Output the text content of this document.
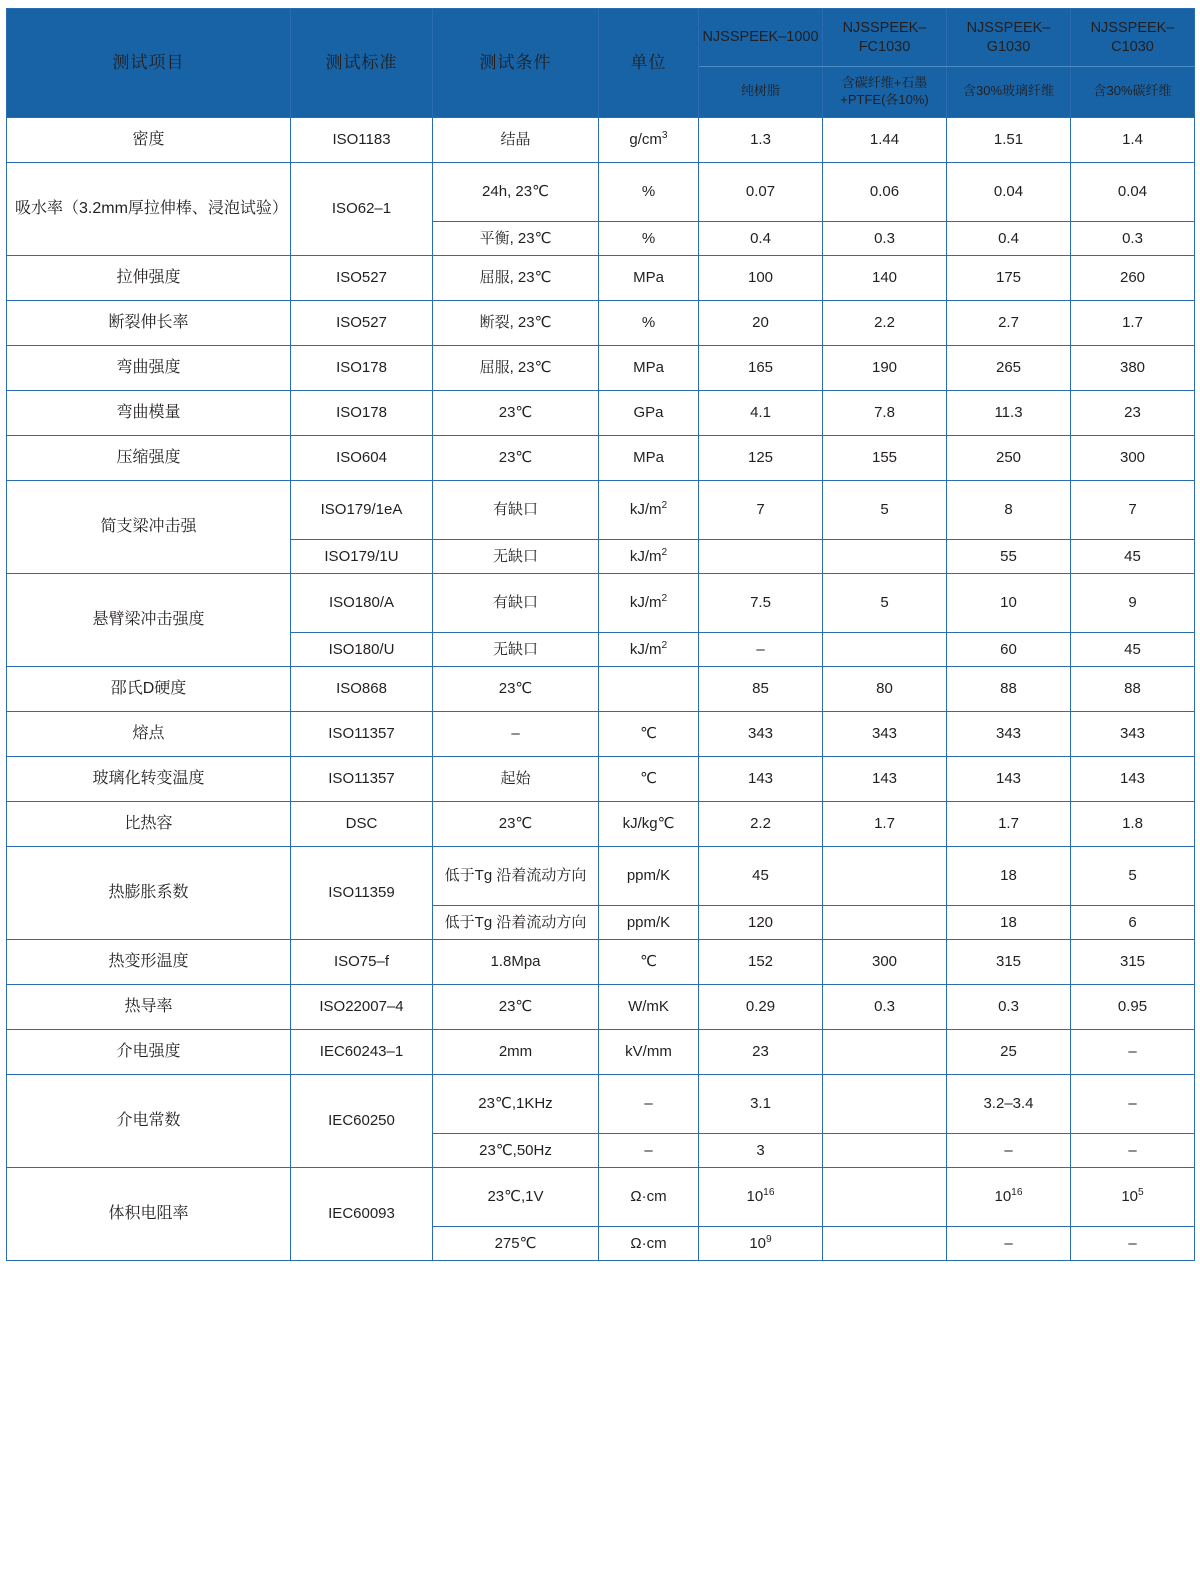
测试项目	测试标准	测试条件	单位	NJSSPEEK–1000	NJSSPEEK–FC1030	NJSSPEEK–G1030	NJSSPEEK–C1030
				纯树脂	含碳纤维+石墨+PTFE(各10%)	含30%玻璃纤维	含30%碳纤维
密度	ISO1183	结晶	$g/cm^3$	1.3	1.44	1.51	1.4
吸水率（3.2mm厚拉伸棒、浸泡试验）	ISO62–1	24h, 23℃	%	0.07	0.06	0.04	0.04
		平衡, 23℃	%	0.4	0.3	0.4	0.3
拉伸强度	ISO527	屈服, 23℃	MPa	100	140	175	260
断裂伸长率	ISO527	断裂, 23℃	%	20	2.2	2.7	1.7
弯曲强度	ISO178	屈服, 23℃	MPa	165	190	265	380
弯曲模量	ISO178	23℃	GPa	4.1	7.8	11.3	23
压缩强度	ISO604	23℃	MPa	125	155	250	300
简支梁冲击强	ISO179/1eA	有缺口	$kJ/m^2$	7	5	8	7
	ISO179/1U	无缺口	$kJ/m^2$			55	45
悬臂梁冲击强度	ISO180/A	有缺口	$kJ/m^2$	7.5	5	10	9
	ISO180/U	无缺口	$kJ/m^2$	–		60	45
邵氏D硬度	ISO868	23℃		85	80	88	88
熔点	ISO11357	–	℃	343	343	343	343
玻璃化转变温度	ISO11357	起始	℃	143	143	143	143
比热容	DSC	23℃	kJ/kg℃	2.2	1.7	1.7	1.8
热膨胀系数	ISO11359	低于Tg 沿着流动方向	ppm/K	45		18	5
		低于Tg 沿着流动方向	ppm/K	120		18	6
热变形温度	ISO75–f	1.8Mpa	℃	152	300	315	315
热导率	ISO22007–4	23℃	W/mK	0.29	0.3	0.3	0.95
介电强度	IEC60243–1	2mm	kV/mm	23		25	–
介电常数	IEC60250	23℃,1KHz	–	3.1		3.2–3.4	–
		23℃,50Hz	–	3		–	–
体积电阻率	IEC60093	23℃,1V	Ω·cm	$10^{16}$		$10^{16}$	$10^5$
		275℃	Ω·cm	$10^9$		–	–
